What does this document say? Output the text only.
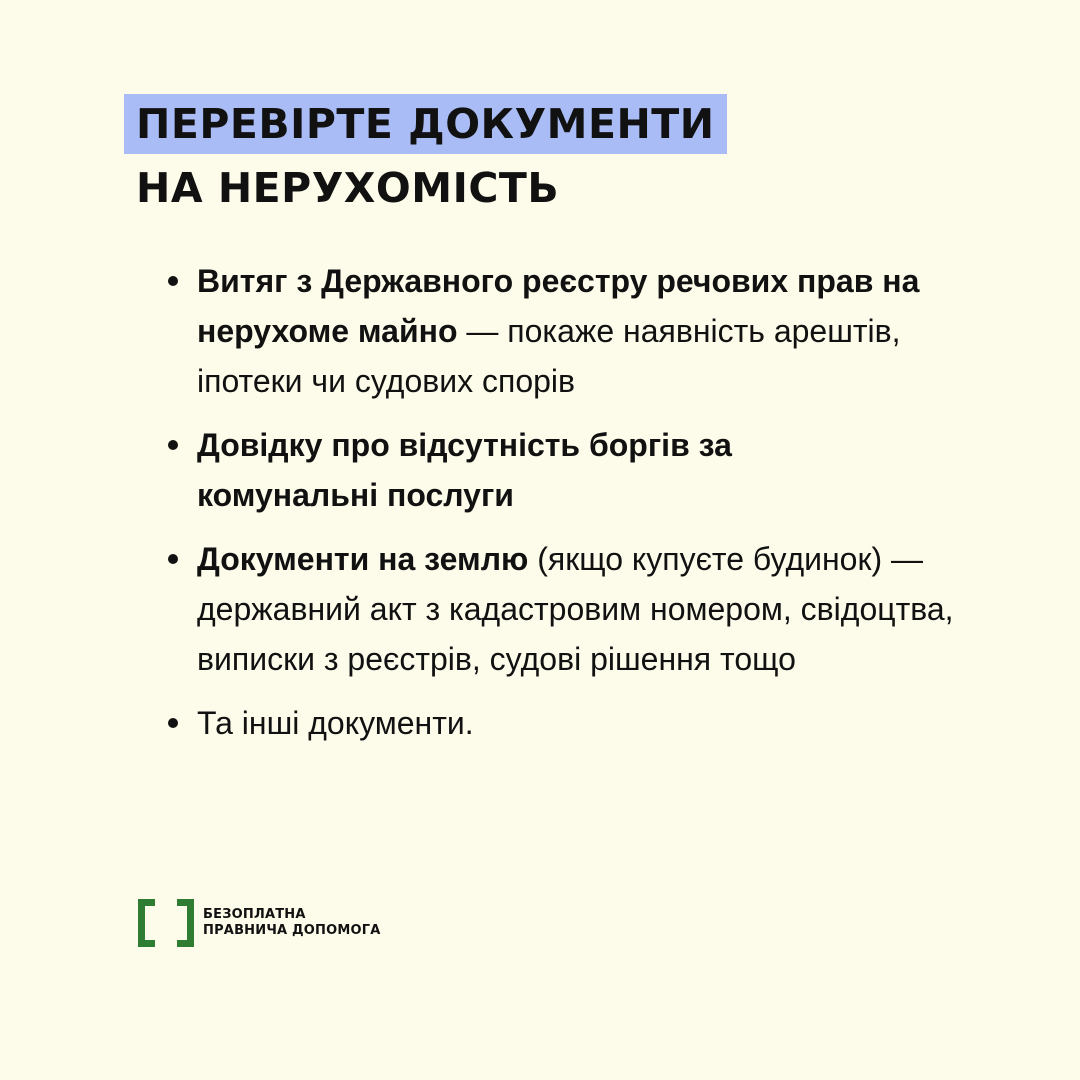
ПЕРЕВІРТЕ ДОКУМЕНТИ
НА НЕРУХОМІСТЬ
Витяг з Державного реєстру речових прав на нерухоме майно — покаже наявність арештів, іпотеки чи судових спорів
Довідку про відсутність боргів за комунальні послуги
Документи на землю (якщо купуєте будинок) — державний акт з кадастровим номером, свідоцтва, виписки з реєстрів, судові рішення тощо
Та інші документи.
БЕЗОПЛАТНА
ПРАВНИЧА ДОПОМОГА
